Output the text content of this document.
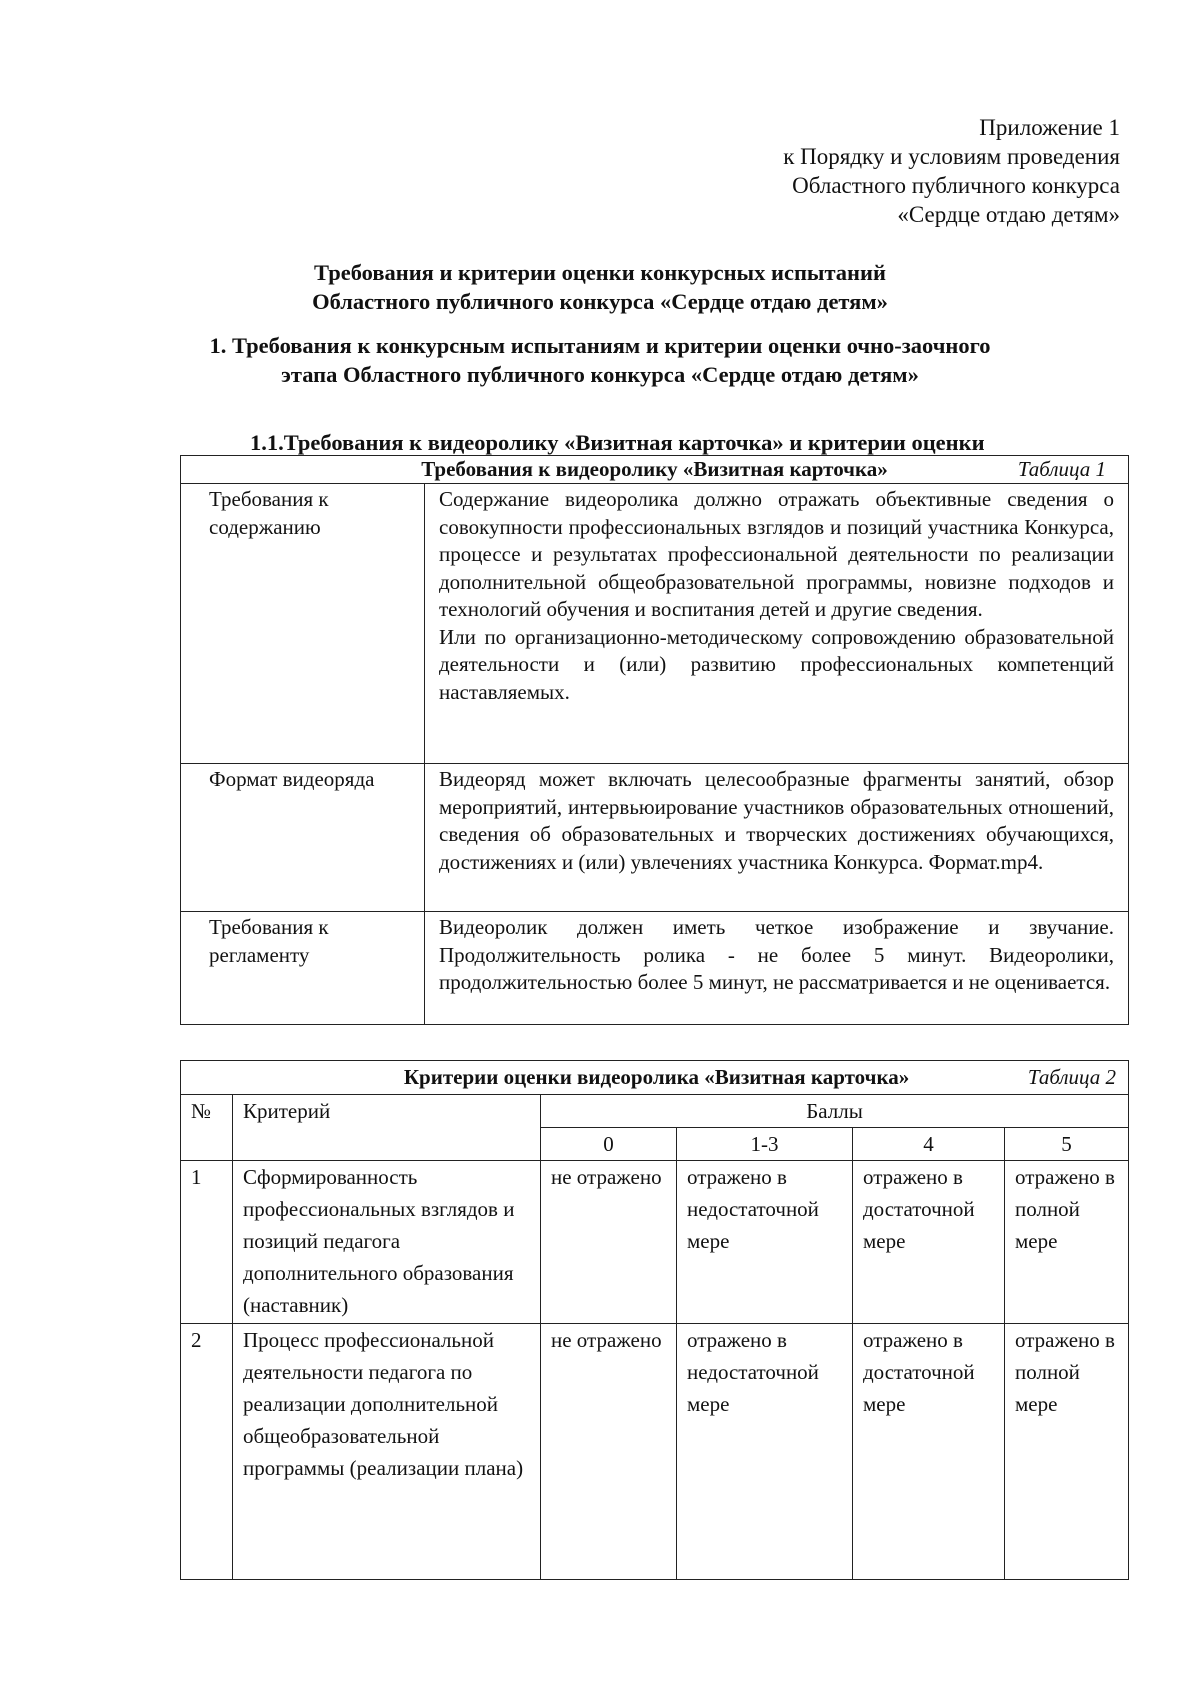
Приложение 1
к Порядку и условиям проведения
Областного публичного конкурса
«Сердце отдаю детям»
Требования и критерии оценки конкурсных испытаний
Областного публичного конкурса «Сердце отдаю детям»
1. Требования к конкурсным испытаниям и критерии оценки очно-заочного
этапа Областного публичного конкурса «Сердце отдаю детям»
1.1.Требования к видеоролику «Визитная карточка» и критерии оценки
Требования к видеоролику «Визитная карточка» Таблица 1	

Требования к содержанию	Содержание видеоролика должно отражать объективные сведения о совокупности профессиональных взглядов и позиций участника Конкурса, процессе и результатах профессиональной деятельности по реализации дополнительной общеобразовательной программы, новизне подходов и технологий обучения и воспитания детей и другие сведения.
Или по организационно-методическому сопровождению образовательной деятельности и (или) развитию профессиональных компетенций наставляемых.

Формат видеоряда	Видеоряд может включать целесообразные фрагменты занятий, обзор мероприятий, интервьюирование участников образовательных отношений, сведения об образовательных и творческих достижениях обучающихся, достижениях и (или) увлечениях участника Конкурса. Формат.mp4.
Требования к регламенту	Видеоролик должен иметь четкое изображение и звучание. Продолжительность ролика - не более 5 минут. Видеоролики, продолжительностью более 5 минут, не рассматривается и не оценивается.
Критерии оценки видеоролика «Визитная карточка» Таблица 2					

№	Критерий	Баллы			
		0	1-3	4	5
1	Сформированность профессиональных взглядов и позиций педагога дополнительного образования (наставник)	не отражено	отражено в недостаточной мере	отражено в достаточной мере	отражено в полной мере
2	Процесс профессиональной деятельности педагога по реализации дополнительной общеобразовательной программы (реализации плана)	не отражено	отражено в недостаточной мере	отражено в достаточной мере	отражено в полной мере
